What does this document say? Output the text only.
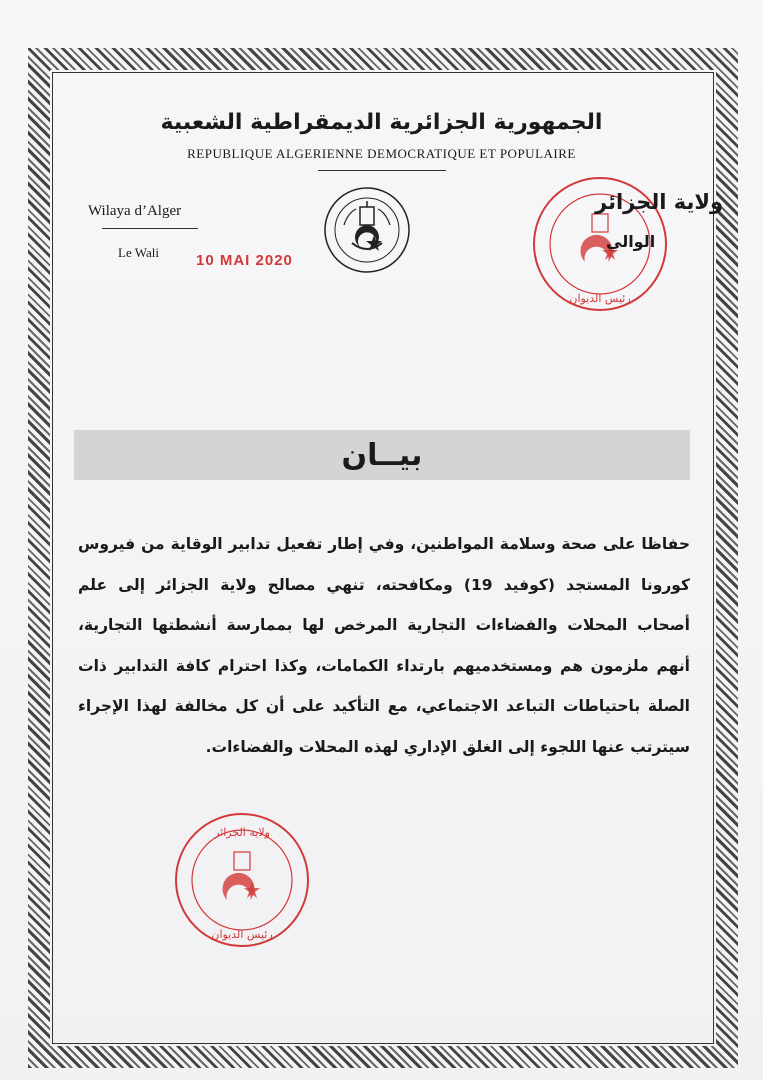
الجمهورية الجزائرية الديمقراطية الشعبية
REPUBLIQUE ALGERIENNE DEMOCRATIQUE ET POPULAIRE
Wilaya d’Alger
Le Wali 10 MAI 2020
رئيس الديوان
ولاية الجزائر
الوالي
بيــان

حفاظا على صحة وسلامة المواطنين، وفي إطار تفعيل تدابير الوقاية من فيروس كورونا المستجد (كوفيد 19) ومكافحته، تنهي مصالح ولاية الجزائر إلى علم أصحاب المحلات والفضاءات التجارية المرخص لها بممارسة أنشطتها التجارية، أنهم ملزمون هم ومستخدميهم بارتداء الكمامات، وكذا احترام كافة التدابير ذات الصلة باحتياطات التباعد الاجتماعي، مع التأكيد على أن كل مخالفة لهذا الإجراء سيترتب عنها اللجوء إلى الغلق الإداري لهذه المحلات والفضاءات.

ولاية الجزائر
رئيس الديوان
